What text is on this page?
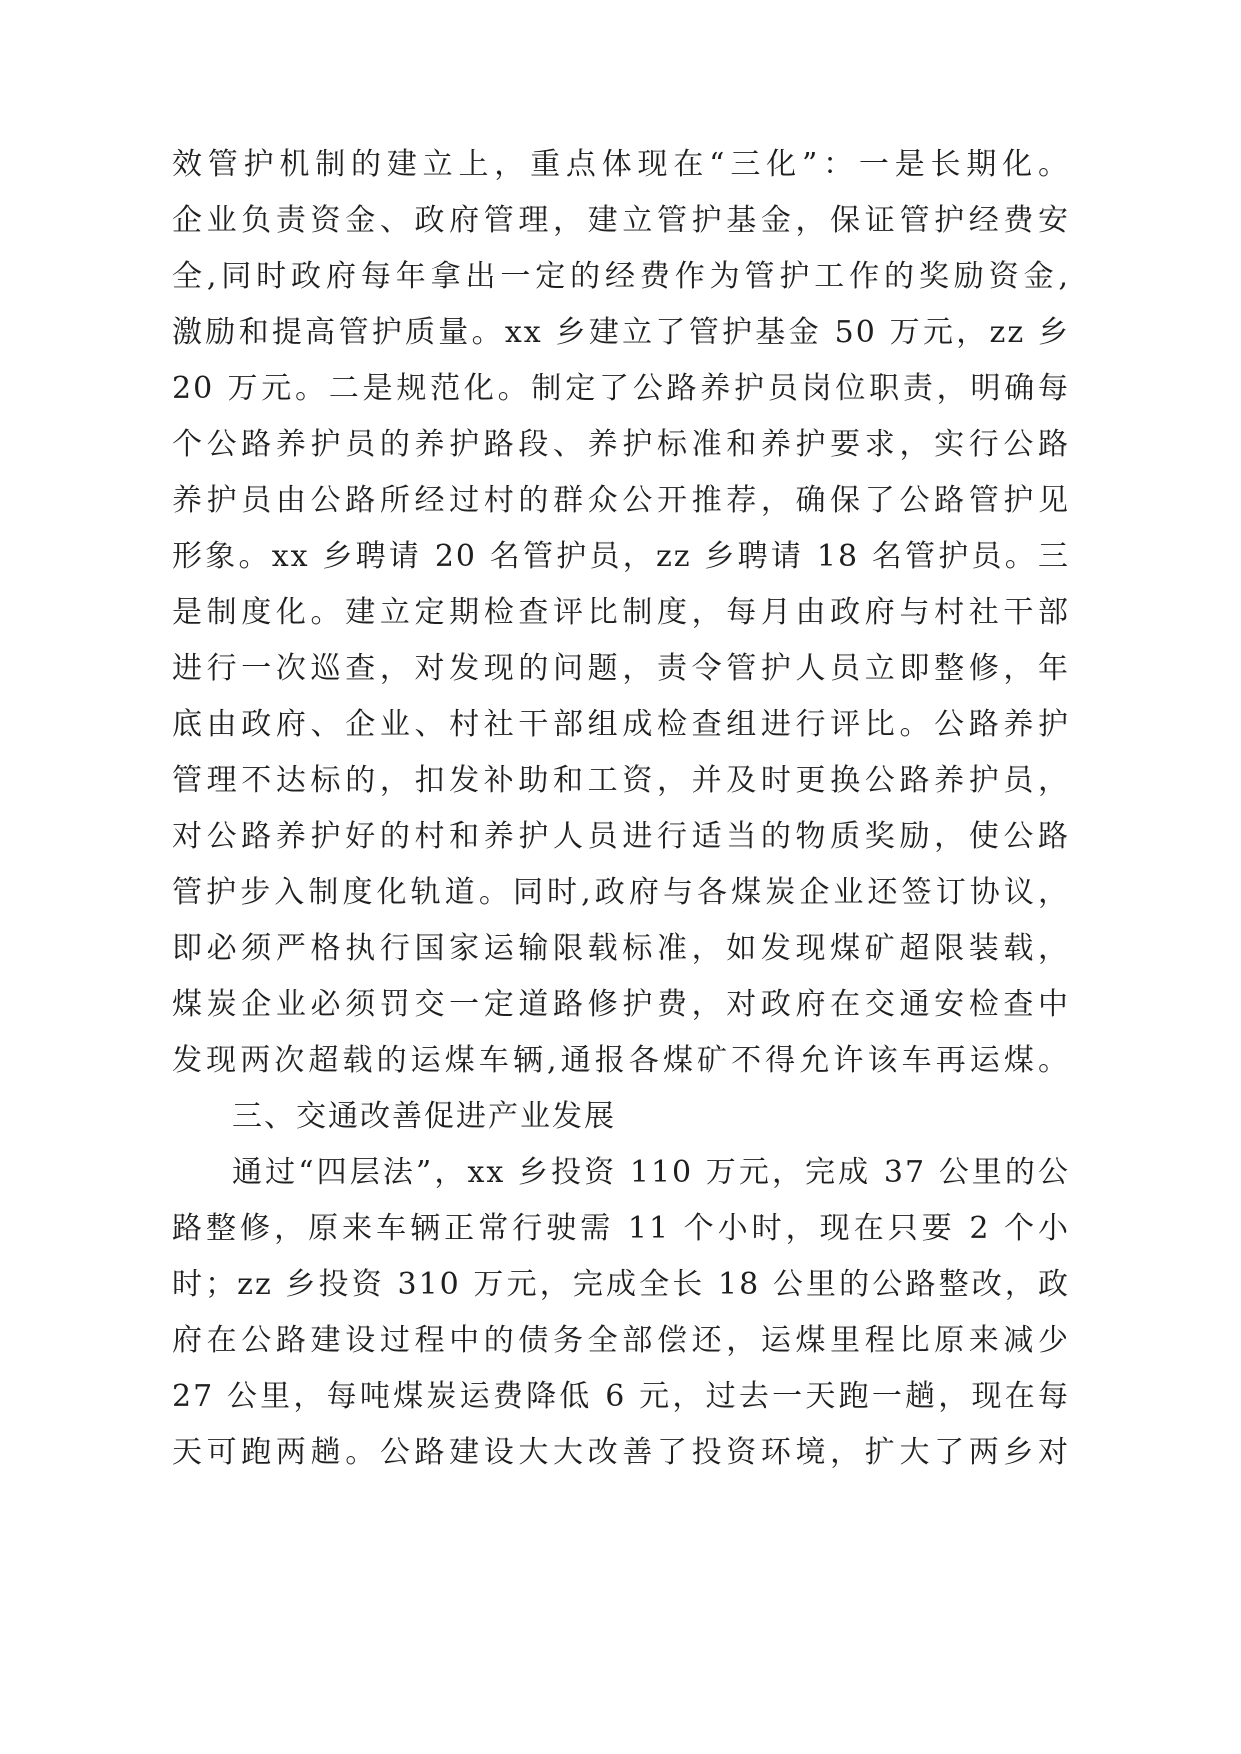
效管护机制的建立上，重点体现在“三化”：一是长期化。
企业负责资金、政府管理，建立管护基金，保证管护经费安
全,同时政府每年拿出一定的经费作为管护工作的奖励资金,
激励和提高管护质量。xx 乡建立了管护基金 50 万元，zz 乡
20 万元。二是规范化。制定了公路养护员岗位职责，明确每
个公路养护员的养护路段、养护标准和养护要求，实行公路
养护员由公路所经过村的群众公开推荐，确保了公路管护见
形象。xx 乡聘请 20 名管护员，zz 乡聘请 18 名管护员。三
是制度化。建立定期检查评比制度，每月由政府与村社干部
进行一次巡查，对发现的问题，责令管护人员立即整修，年
底由政府、企业、村社干部组成检查组进行评比。公路养护
管理不达标的，扣发补助和工资，并及时更换公路养护员，
对公路养护好的村和养护人员进行适当的物质奖励，使公路
管护步入制度化轨道。同时,政府与各煤炭企业还签订协议，
即必须严格执行国家运输限载标准，如发现煤矿超限装载，
煤炭企业必须罚交一定道路修护费，对政府在交通安检查中
发现两次超载的运煤车辆,通报各煤矿不得允许该车再运煤。
三、交通改善促进产业发展
通过“四层法”，xx 乡投资 110 万元，完成 37 公里的公
路整修，原来车辆正常行驶需 11 个小时，现在只要 2 个小
时；zz 乡投资 310 万元，完成全长 18 公里的公路整改，政
府在公路建设过程中的债务全部偿还，运煤里程比原来减少
27 公里，每吨煤炭运费降低 6 元，过去一天跑一趟，现在每
天可跑两趟。公路建设大大改善了投资环境，扩大了两乡对
